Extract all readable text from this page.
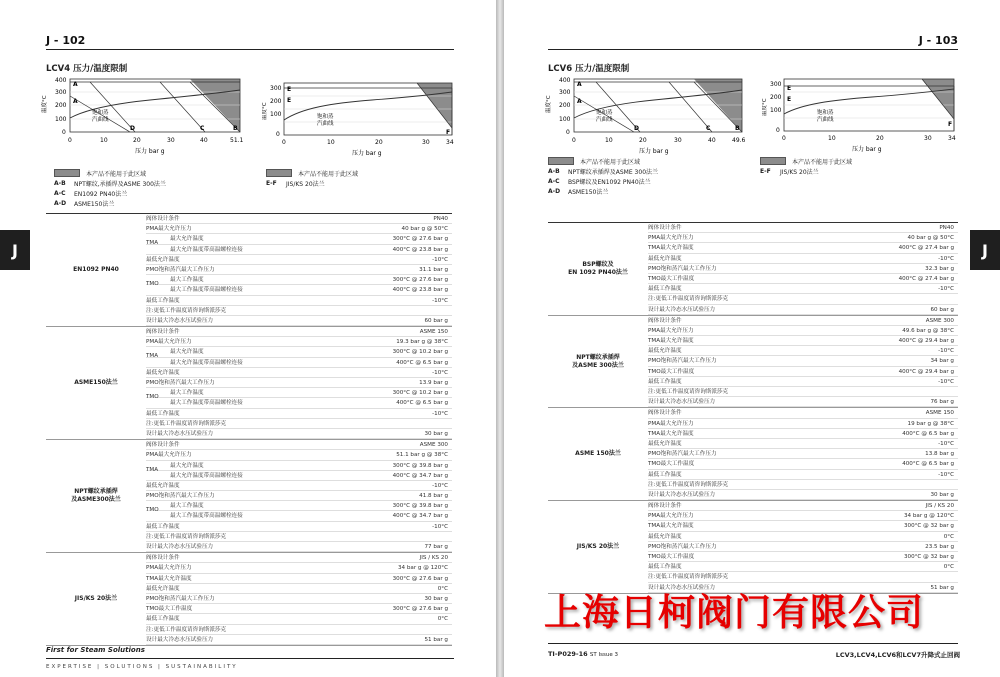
J - 102
LCV4 压力/温度限制
J
温度°C
400
300
200
100
0
0	10	20	30	40	51.1
压力 bar g
饱和蒸
汽曲线
A
A
D	C	B
温度°C
300
200
100
0
0	10	20	30	34
压力 bar g
饱和蒸
汽曲线
E
E
F
本产品不能用于此区域
A-B	NPT螺纹,承插焊及ASME 300法兰
A-C	EN1092 PN40法兰
A-D	ASME150法兰
本产品不能用于此区域
E-F	JIS/KS 20法兰
EN1092 PN40
阀体设计条件	PN40
PMA最大允许压力	40 bar g @ 50°C
TMA
最大允许温度	300°C @ 27.6 bar g
最大允许温度带高温螺栓连接	400°C @ 23.8 bar g
最低允许温度	-10°C
PMO饱和蒸汽最大工作压力	31.1 bar g
TMO
最大工作温度	300°C @ 27.6 bar g
最大工作温度带高温螺栓连接	400°C @ 23.8 bar g
最低工作温度	-10°C
注:更低工作温度请咨询斯派莎克
设计最大冷态水压试验压力	60 bar g
ASME150法兰
阀体设计条件	ASME 150
PMA最大允许压力	19.3 bar g @ 38°C
TMA
最大允许温度	300°C @ 10.2 bar g
最大允许温度带高温螺栓连接	400°C @ 6.5 bar g
最低允许温度	-10°C
PMO饱和蒸汽最大工作压力	13.9 bar g
TMO
最大工作温度	300°C @ 10.2 bar g
最大工作温度带高温螺栓连接	400°C @ 6.5 bar g
最低工作温度	-10°C
注:更低工作温度请咨询斯派莎克
设计最大冷态水压试验压力	30 bar g
NPT螺纹承插焊
及ASME300法兰
阀体设计条件	ASME 300
PMA最大允许压力	51.1 bar g @ 38°C
TMA
最大允许温度	300°C @ 39.8 bar g
最大允许温度带高温螺栓连接	400°C @ 34.7 bar g
最低允许温度	-10°C
PMO饱和蒸汽最大工作压力	41.8 bar g
TMO
最大工作温度	300°C @ 39.8 bar g
最大工作温度带高温螺栓连接	400°C @ 34.7 bar g
最低工作温度	-10°C
注:更低工作温度请咨询斯派莎克
设计最大冷态水压试验压力	77 bar g
JIS/KS 20法兰
阀体设计条件	JIS / KS 20
PMA最大允许压力	34 bar g @ 120°C
TMA最大允许温度	300°C @ 27.6 bar g
最低允许温度	0°C
PMO饱和蒸汽最大工作压力	30 bar g
TMO最大工作温度	300°C @ 27.6 bar g
最低工作温度	0°C
注:更低工作温度请咨询斯派莎克
设计最大冷态水压试验压力	51 bar g
First for Steam Solutions
EXPERTISE | SOLUTIONS | SUSTAINABILITY
J - 103
LCV6 压力/温度限制
J
温度°C
400
300
200
100
0
0	10	20	30	40	49.6
压力 bar g
饱和蒸
汽曲线
A
A
D	C	B
温度°C
300
200
100
0
0	10	20	30	34
压力 bar g
饱和蒸
汽曲线
E
E
F
本产品不能用于此区域
A-B	NPT螺纹承插焊及ASME 300法兰
A-C	BSP螺纹及EN1092 PN40法兰
A-D	ASME150法兰
本产品不能用于此区域
E-F	JIS/KS 20法兰
BSP螺纹及
EN 1092 PN40法兰
阀体设计条件	PN40
PMA最大允许压力	40 bar g @ 50°C
TMA最大允许温度	400°C @ 27.4 bar g
最低允许温度	-10°C
PMO饱和蒸汽最大工作压力	32.3 bar g
TMO最大工作温度	400°C @ 27.4 bar g
最低工作温度	-10°C
注:更低工作温度请咨询斯派莎克
设计最大冷态水压试验压力	60 bar g
NPT螺纹承插焊
及ASME 300法兰
阀体设计条件	ASME 300
PMA最大允许压力	49.6 bar g @ 38°C
TMA最大允许温度	400°C @ 29.4 bar g
最低允许温度	-10°C
PMO饱和蒸汽最大工作压力	34 bar g
TMO最大工作温度	400°C @ 29.4 bar g
最低工作温度	-10°C
注:更低工作温度请咨询斯派莎克
设计最大冷态水压试验压力	76 bar g
ASME 150法兰
阀体设计条件	ASME 150
PMA最大允许压力	19 bar g @ 38°C
TMA最大允许温度	400°C @ 6.5 bar g
最低允许温度	-10°C
PMO饱和蒸汽最大工作压力	13.8 bar g
TMO最大工作温度	400°C @ 6.5 bar g
最低工作温度	-10°C
注:更低工作温度请咨询斯派莎克
设计最大冷态水压试验压力	30 bar g
JIS/KS 20法兰
阀体设计条件	JIS / KS 20
PMA最大允许压力	34 bar g @ 120°C
TMA最大允许温度	300°C @ 32 bar g
最低允许温度	0°C
PMO饱和蒸汽最大工作压力	23.5 bar g
TMO最大工作温度	300°C @ 32 bar g
最低工作温度	0°C
注:更低工作温度请咨询斯派莎克
设计最大冷态水压试验压力	51 bar g
上海日柯阀门有限公司
TI-P029-16 ST Issue 3	LCV3,LCV4,LCV6和LCV7升降式止回阀
